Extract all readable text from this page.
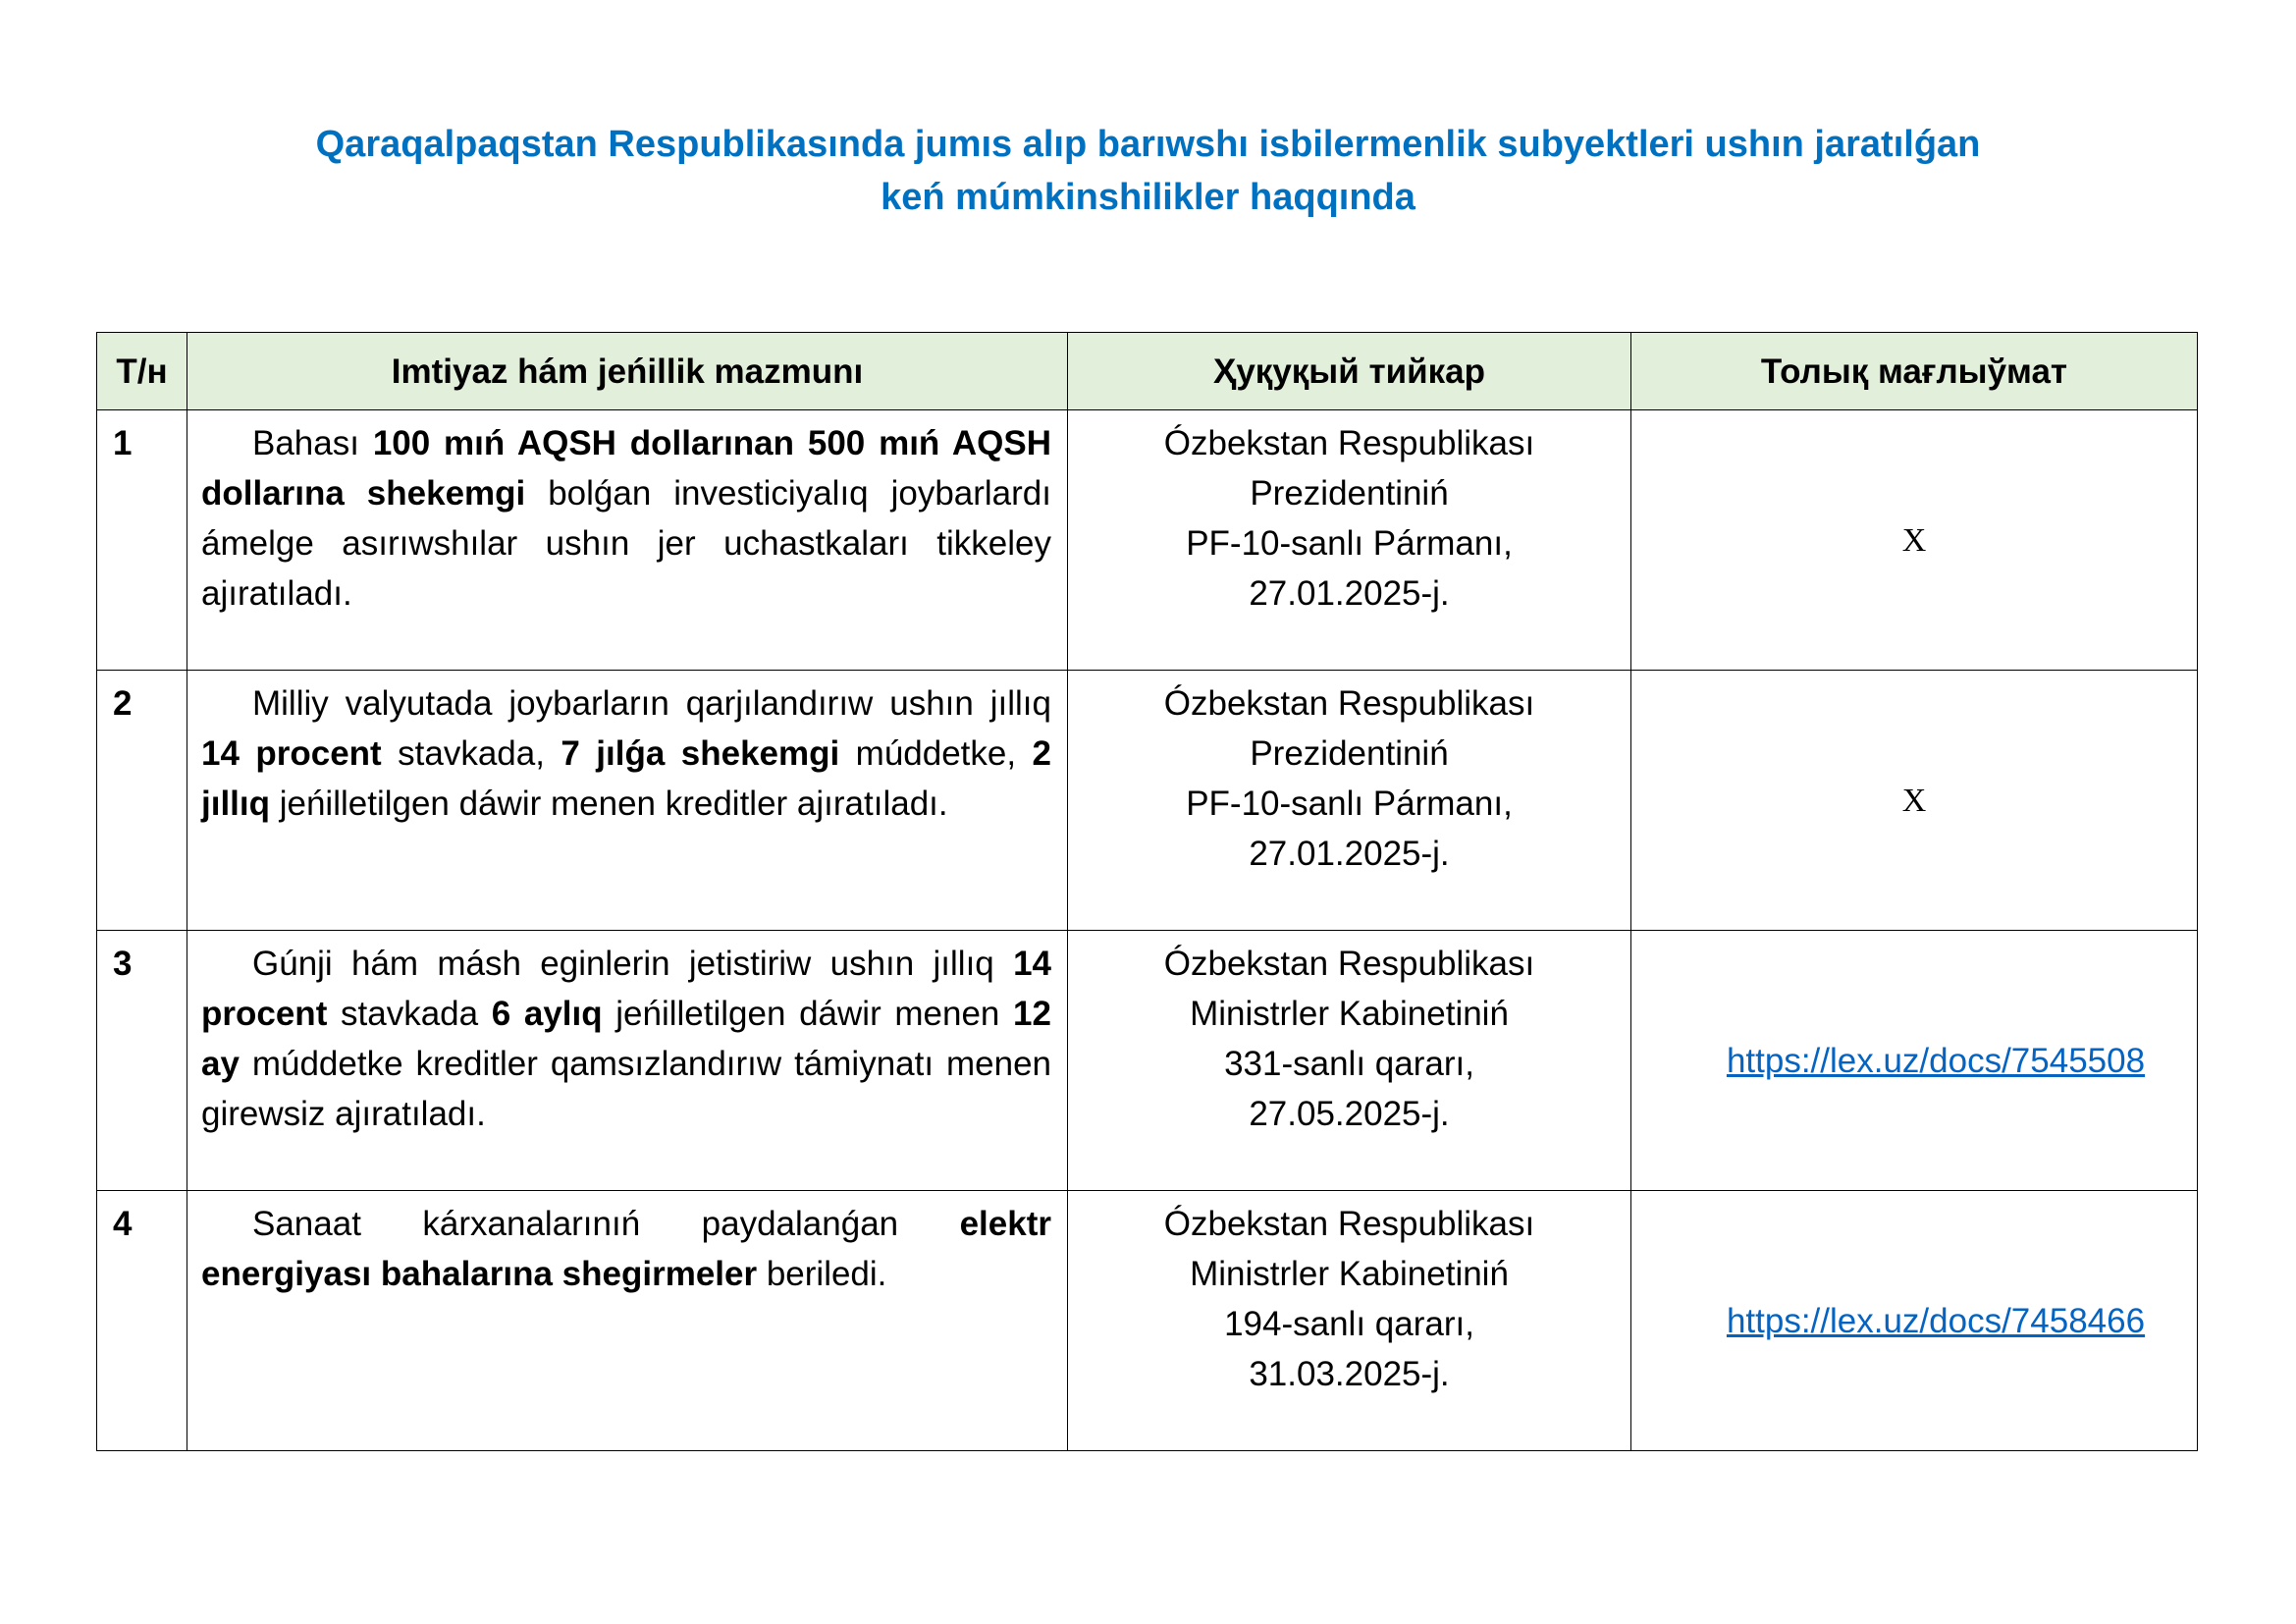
Qaraqalpaqstan Respublikasında jumıs alıp barıwshı isbilermenlik subyektleri ushın jaratılǵan
keń múmkinshilikler haqqında
Т/н	Imtiyaz hám jeńillik mazmunı	Ҳуқуқый тийкар	Толық мағлыўмат
1	Bahası 100 mıń AQSH dollarınan 500 mıń AQSH dollarına shekemgi bolǵan investiciyalıq joybarlardı ámelge asırıwshılar ushın jer uchastkaları tikkeley ajıratıladı.	Ózbekstan Respublikası
Prezidentiniń
PF-10-sanlı Pármanı,
27.01.2025-j.	X
2	Milliy valyutada joybarların qarjılandırıw ushın jıllıq 14 procent stavkada, 7 jılǵa shekemgi múddetke, 2 jıllıq jeńilletilgen dáwir menen kreditler ajıratıladı.	Ózbekstan Respublikası
Prezidentiniń
PF-10-sanlı Pármanı,
27.01.2025-j.	X
3	Gúnji hám másh eginlerin jetistiriw ushın jıllıq 14 procent stavkada 6 aylıq jeńilletilgen dáwir menen 12 ay múddetke kreditler qamsızlandırıw támiynatı menen girewsiz ajıratıladı.	Ózbekstan Respublikası
Ministrler Kabinetiniń
331-sanlı qararı,
27.05.2025-j.	https://lex.uz/docs/7545508
4	Sanaat kárxanalarınıń paydalanǵan elektr energiyası bahalarına shegirmeler beriledi.	Ózbekstan Respublikası
Ministrler Kabinetiniń
194-sanlı qararı,
31.03.2025-j.	https://lex.uz/docs/7458466
